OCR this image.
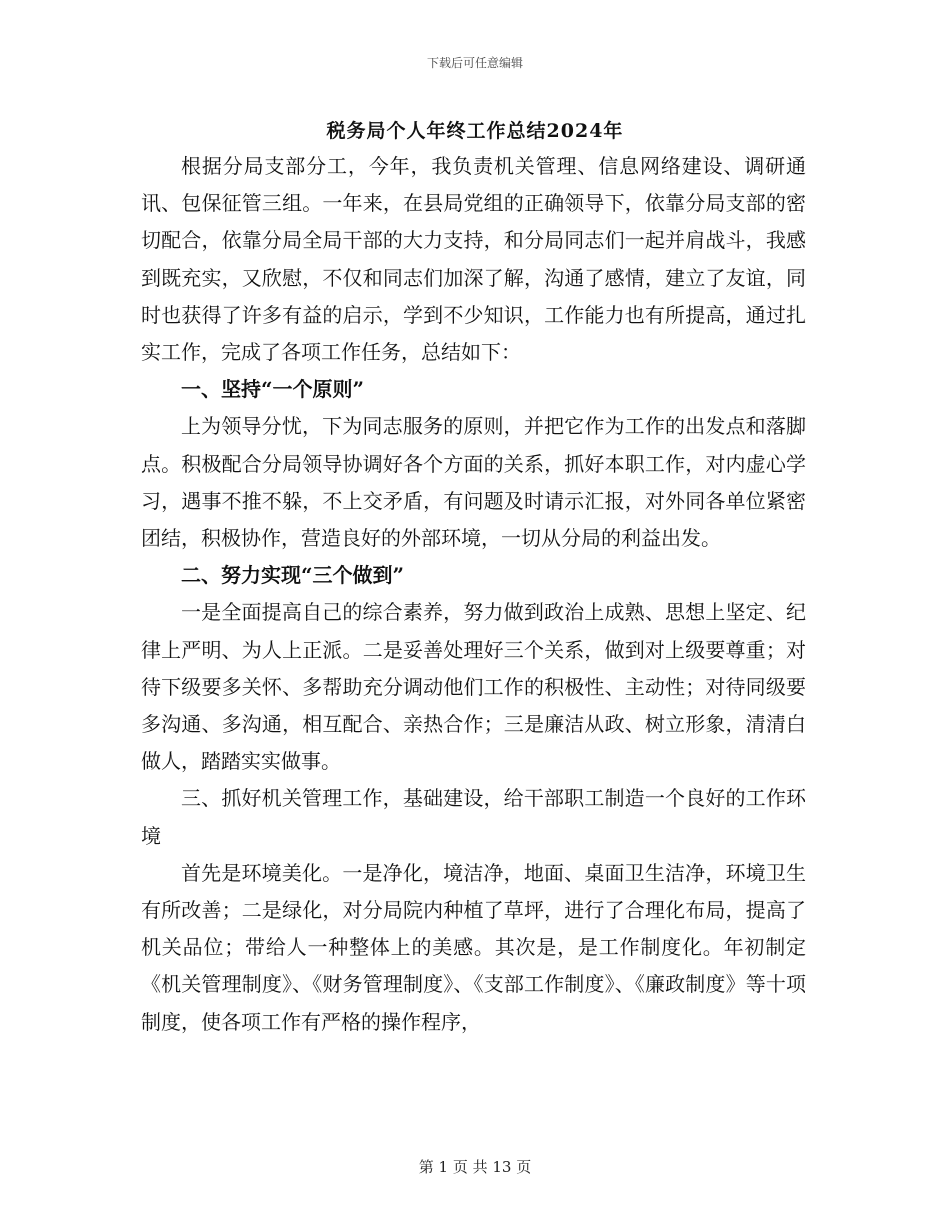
下载后可任意编辑
税务局个人年终工作总结2024年

根据分局支部分工，今年，我负责机关管理、信息网络建设、调研通讯、包保征管三组。一年来，在县局党组的正确领导下，依靠分局支部的密切配合，依靠分局全局干部的大力支持，和分局同志们一起并肩战斗，我感到既充实，又欣慰，不仅和同志们加深了解，沟通了感情，建立了友谊，同时也获得了许多有益的启示，学到不少知识，工作能力也有所提高，通过扎实工作，完成了各项工作任务，总结如下：

一、坚持“一个原则”

上为领导分忧，下为同志服务的原则，并把它作为工作的出发点和落脚点。积极配合分局领导协调好各个方面的关系，抓好本职工作，对内虚心学习，遇事不推不躲，不上交矛盾，有问题及时请示汇报，对外同各单位紧密团结，积极协作，营造良好的外部环境，一切从分局的利益出发。

二、努力实现“三个做到”

一是全面提高自己的综合素养，努力做到政治上成熟、思想上坚定、纪律上严明、为人上正派。二是妥善处理好三个关系，做到对上级要尊重；对待下级要多关怀、多帮助充分调动他们工作的积极性、主动性；对待同级要多沟通、多沟通，相互配合、亲热合作；三是廉洁从政、树立形象，清清白做人，踏踏实实做事。

三、抓好机关管理工作，基础建设，给干部职工制造一个良好的工作环境

首先是环境美化。一是净化，境洁净，地面、桌面卫生洁净，环境卫生有所改善；二是绿化，对分局院内种植了草坪，进行了合理化布局，提高了机关品位；带给人一种整体上的美感。其次是，是工作制度化。年初制定《机关管理制度》、《财务管理制度》、《支部工作制度》、《廉政制度》等十项制度，使各项工作有严格的操作程序，

第 1 页 共 13 页
